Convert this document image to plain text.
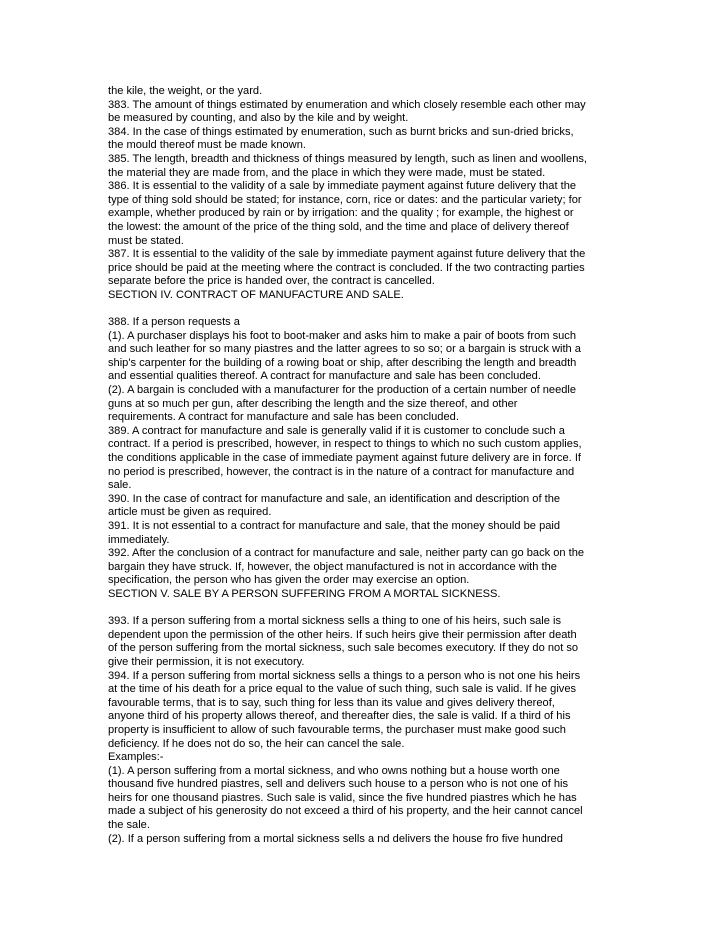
the kile, the weight, or the yard.
383. The amount of things estimated by enumeration and which closely resemble each other may
be measured by counting, and also by the kile and by weight.
384. In the case of things estimated by enumeration, such as burnt bricks and sun-dried bricks,
the mould thereof must be made known.
385. The length, breadth and thickness of things measured by length, such as linen and woollens,
the material they are made from, and the place in which they were made, must be stated.
386. It is essential to the validity of a sale by immediate payment against future delivery that the
type of thing sold should be stated; for instance, corn, rice or dates: and the particular variety; for
example, whether produced by rain or by irrigation: and the quality ; for example, the highest or
the lowest: the amount of the price of the thing sold, and the time and place of delivery thereof
must be stated.
387. It is essential to the validity of the sale by immediate payment against future delivery that the
price should be paid at the meeting where the contract is concluded. If the two contracting parties
separate before the price is handed over, the contract is cancelled.
SECTION IV. CONTRACT OF MANUFACTURE AND SALE.
388. If a person requests a
(1). A purchaser displays his foot to boot-maker and asks him to make a pair of boots from such
and such leather for so many piastres and the latter agrees to so so; or a bargain is struck with a
ship's carpenter for the building of a rowing boat or ship, after describing the length and breadth
and essential qualities thereof. A contract for manufacture and sale has been concluded.
(2). A bargain is concluded with a manufacturer for the production of a certain number of needle
guns at so much per gun, after describing the length and the size thereof, and other
requirements. A contract for manufacture and sale has been concluded.
389. A contract for manufacture and sale is generally valid if it is customer to conclude such a
contract. If a period is prescribed, however, in respect to things to which no such custom applies,
the conditions applicable in the case of immediate payment against future delivery are in force. If
no period is prescribed, however, the contract is in the nature of a contract for manufacture and
sale.
390. In the case of contract for manufacture and sale, an identification and description of the
article must be given as required.
391. It is not essential to a contract for manufacture and sale, that the money should be paid
immediately.
392. After the conclusion of a contract for manufacture and sale, neither party can go back on the
bargain they have struck. If, however, the object manufactured is not in accordance with the
specification, the person who has given the order may exercise an option.
SECTION V. SALE BY A PERSON SUFFERING FROM A MORTAL SICKNESS.
393. If a person suffering from a mortal sickness sells a thing to one of his heirs, such sale is
dependent upon the permission of the other heirs. If such heirs give their permission after death
of the person suffering from the mortal sickness, such sale becomes executory. If they do not so
give their permission, it is not executory.
394. If a person suffering from mortal sickness sells a things to a person who is not one his heirs
at the time of his death for a price equal to the value of such thing, such sale is valid. If he gives
favourable terms, that is to say, such thing for less than its value and gives delivery thereof,
anyone third of his property allows thereof, and thereafter dies, the sale is valid. If a third of his
property is insufficient to allow of such favourable terms, the purchaser must make good such
deficiency. If he does not do so, the heir can cancel the sale.
Examples:-
(1). A person suffering from a mortal sickness, and who owns nothing but a house worth one
thousand five hundred piastres, sell and delivers such house to a person who is not one of his
heirs for one thousand piastres. Such sale is valid, since the five hundred piastres which he has
made a subject of his generosity do not exceed a third of his property, and the heir cannot cancel
the sale.
(2). If a person suffering from a mortal sickness sells a nd delivers the house fro five hundred
